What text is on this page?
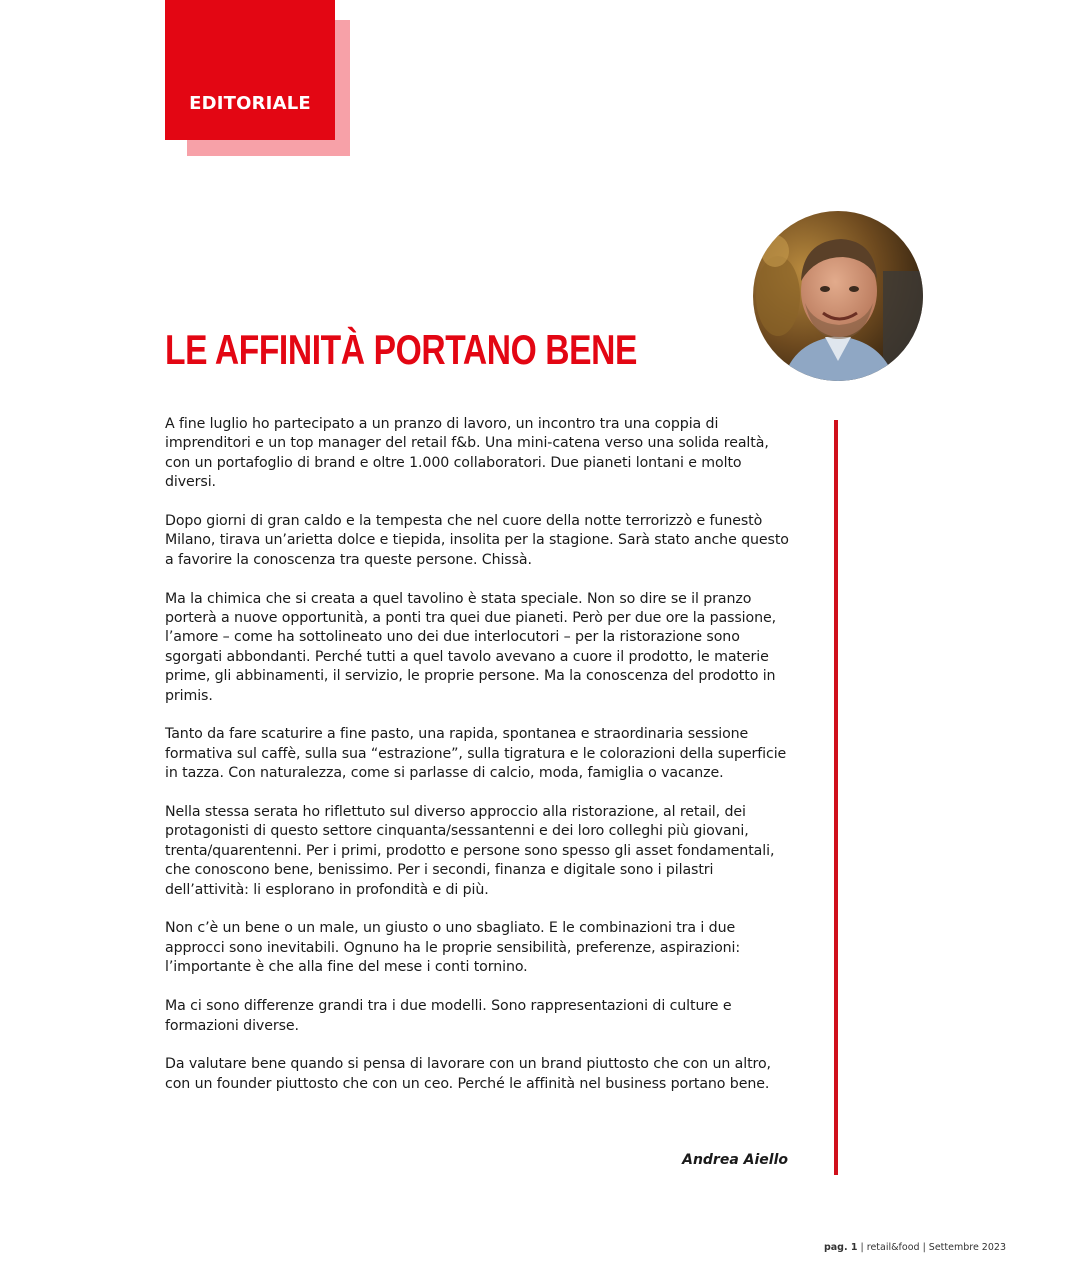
EDITORIALE
LE AFFINITÀ PORTANO BENE

A fine luglio ho partecipato a un pranzo di lavoro, un incontro tra una coppia di imprenditori e un top manager del retail f&b. Una mini-catena verso una solida realtà, con un portafoglio di brand e oltre 1.000 collaboratori. Due pianeti lontani e molto diversi.

Dopo giorni di gran caldo e la tempesta che nel cuore della notte terrorizzò e funestò Milano, tirava un’arietta dolce e tiepida, insolita per la stagione. Sarà stato anche questo a favorire la conoscenza tra queste persone. Chissà.

Ma la chimica che si creata a quel tavolino è stata speciale. Non so dire se il pranzo porterà a nuove opportunità, a ponti tra quei due pianeti. Però per due ore la passione, l’amore – come ha sottolineato uno dei due interlocutori – per la ristorazione sono sgorgati abbondanti. Perché tutti a quel tavolo avevano a cuore il prodotto, le materie prime, gli abbinamenti, il servizio, le proprie persone. Ma la conoscenza del prodotto in primis.

Tanto da fare scaturire a fine pasto, una rapida, spontanea e straordinaria sessione formativa sul caffè, sulla sua “estrazione”, sulla tigratura e le colorazioni della superficie in tazza. Con naturalezza, come si parlasse di calcio, moda, famiglia o vacanze.

Nella stessa serata ho riflettuto sul diverso approccio alla ristorazione, al retail, dei protagonisti di questo settore cinquanta/sessantenni e dei loro colleghi più giovani, trenta/quarentenni. Per i primi, prodotto e persone sono spesso gli asset fondamentali, che conoscono bene, benissimo. Per i secondi, finanza e digitale sono i pilastri dell’attività: li esplorano in profondità e di più.

Non c’è un bene o un male, un giusto o uno sbagliato. E le combinazioni tra i due approcci sono inevitabili. Ognuno ha le proprie sensibilità, preferenze, aspirazioni: l’importante è che alla fine del mese i conti tornino.

Ma ci sono differenze grandi tra i due modelli. Sono rappresentazioni di culture e formazioni diverse.

Da valutare bene quando si pensa di lavorare con un brand piuttosto che con un altro, con un founder piuttosto che con un ceo. Perché le affinità nel business portano bene.

Andrea Aiello
pag. 1 | retail&food | Settembre 2023
